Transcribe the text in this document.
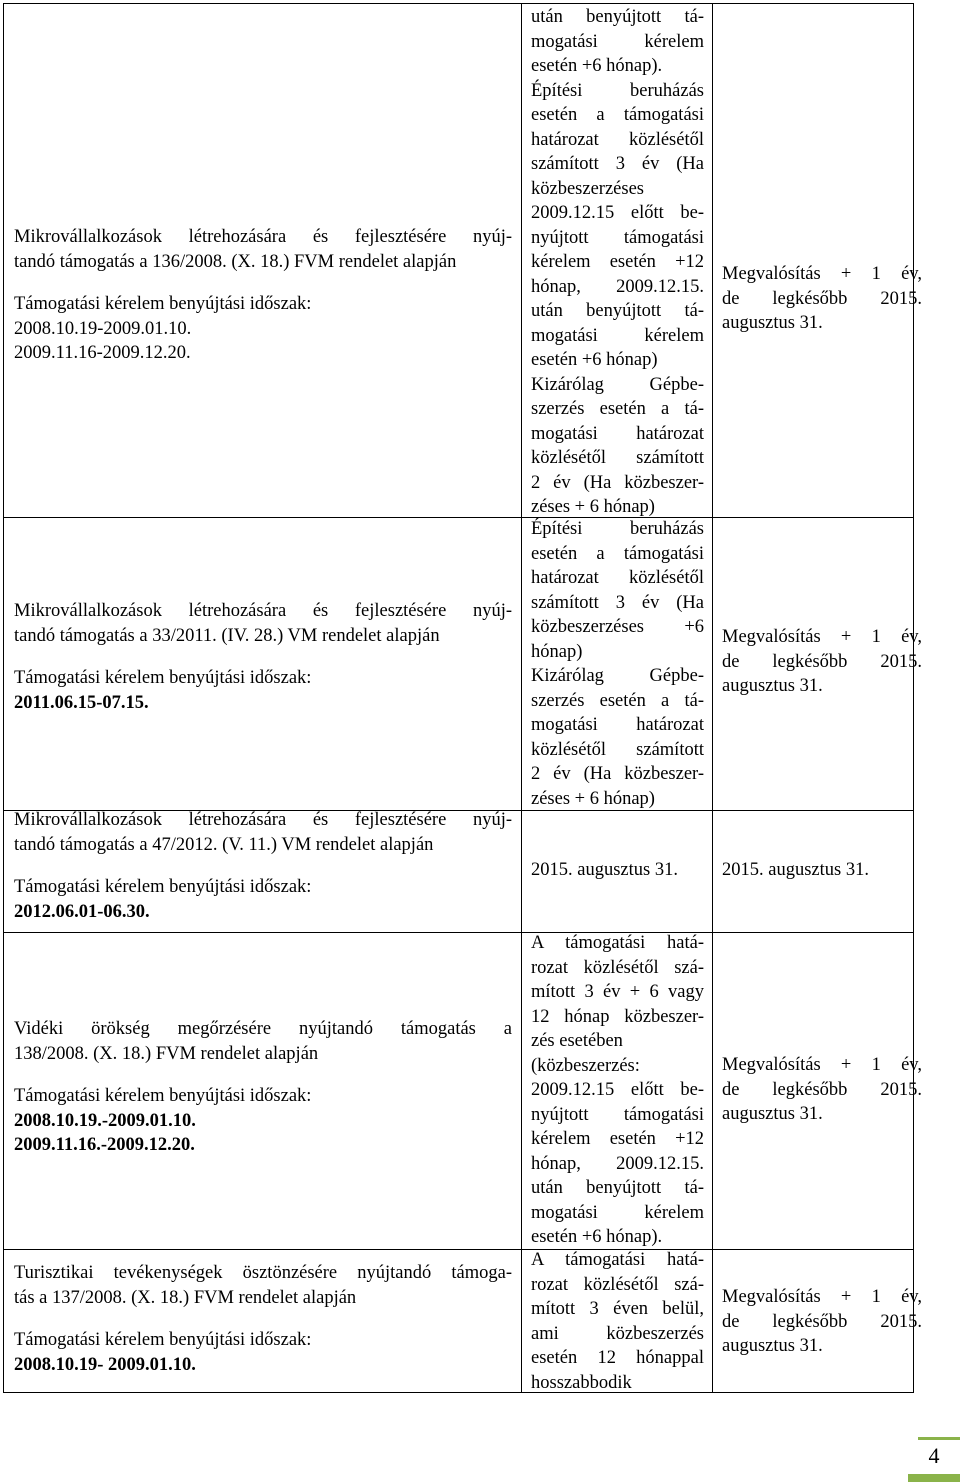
Mikrovállalkozások létrehozására és fejlesztésére nyúj-
tandó támogatás a 136/2008. (X. 18.) FVM rendelet alapján
Támogatási kérelem benyújtási időszak:
2008.10.19-2009.01.10.
2009.11.16-2009.12.20.
után benyújtott tá-
mogatási kérelem
esetén +6 hónap).
Építési beruházás
esetén a támogatási
határozat közlésétől
számított 3 év (Ha
közbeszerzéses
2009.12.15 előtt be-
nyújtott támogatási
kérelem esetén +12
hónap, 2009.12.15.
után benyújtott tá-
mogatási kérelem
esetén +6 hónap)
Kizárólag Gépbe-
szerzés esetén a tá-
mogatási határozat
közlésétől számított
2 év (Ha közbeszer-
zéses + 6 hónap)
Megvalósítás + 1 év,
de legkésőbb 2015.
augusztus 31.
Mikrovállalkozások létrehozására és fejlesztésére nyúj-
tandó támogatás a 33/2011. (IV. 28.) VM rendelet alapján
Támogatási kérelem benyújtási időszak:
2011.06.15-07.15.
Építési beruházás
esetén a támogatási
határozat közlésétől
számított 3 év (Ha
közbeszerzéses +6
hónap)
Kizárólag Gépbe-
szerzés esetén a tá-
mogatási határozat
közlésétől számított
2 év (Ha közbeszer-
zéses + 6 hónap)
Megvalósítás + 1 év,
de legkésőbb 2015.
augusztus 31.
Mikrovállalkozások létrehozására és fejlesztésére nyúj-
tandó támogatás a 47/2012. (V. 11.) VM rendelet alapján
Támogatási kérelem benyújtási időszak:
2012.06.01-06.30.
2015. augusztus 31.	2015. augusztus 31.
Vidéki örökség megőrzésére nyújtandó támogatás a
138/2008. (X. 18.) FVM rendelet alapján
Támogatási kérelem benyújtási időszak:
2008.10.19.-2009.01.10.
2009.11.16.-2009.12.20.
A támogatási hatá-
rozat közlésétől szá-
mított 3 év + 6 vagy
12 hónap közbeszer-
zés esetében
(közbeszerzés:
2009.12.15 előtt be-
nyújtott támogatási
kérelem esetén +12
hónap, 2009.12.15.
után benyújtott tá-
mogatási kérelem
esetén +6 hónap).
Megvalósítás + 1 év,
de legkésőbb 2015.
augusztus 31.
Turisztikai tevékenységek ösztönzésére nyújtandó támoga-
tás a 137/2008. (X. 18.) FVM rendelet alapján
Támogatási kérelem benyújtási időszak:
2008.10.19- 2009.01.10.
A támogatási hatá-
rozat közlésétől szá-
mított 3 éven belül,
ami közbeszerzés
esetén 12 hónappal
hosszabbodik
Megvalósítás + 1 év,
de legkésőbb 2015.
augusztus 31.
4
